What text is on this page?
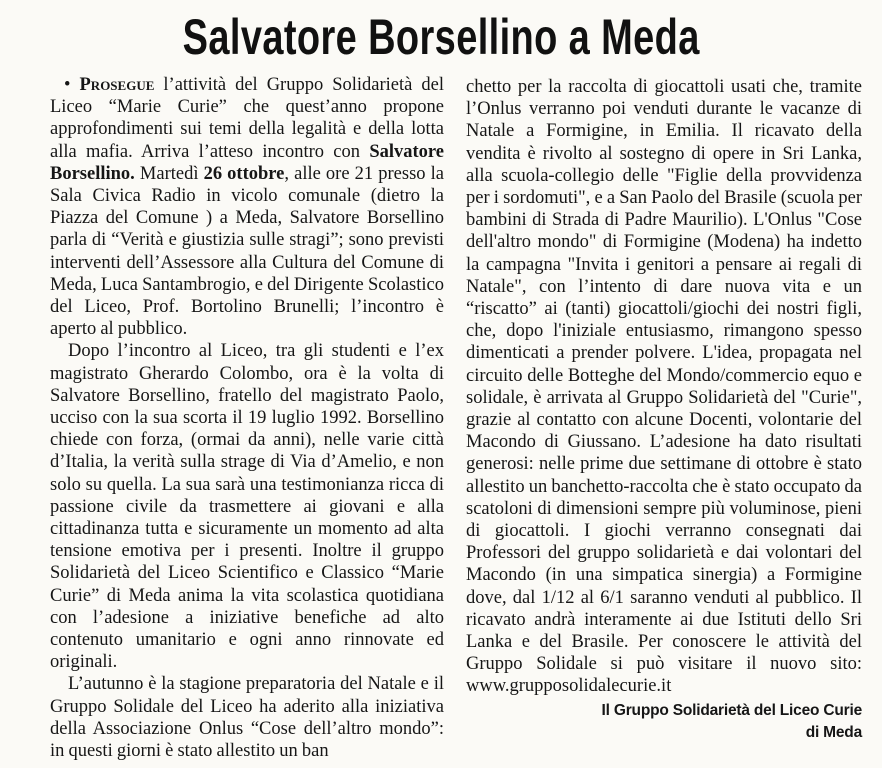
Salvatore Borsellino a Meda

• Prosegue l’attività del Gruppo Solidarietà del Liceo “Marie Curie” che quest’anno propone approfondimenti sui temi della legalità e della lotta alla mafia. Arriva l’atteso incontro con Salvatore Borsellino. Martedì 26 ottobre, alle ore 21 presso la Sala Civica Radio in vicolo comunale (dietro la Piazza del Comune ) a Meda, Salvatore Borsellino parla di “Verità e giustizia sulle stragi”; sono previsti interventi dell’Assessore alla Cultura del Comune di Meda, Luca Santambrogio, e del Dirigente Scolastico del Liceo, Prof. Bortolino Brunelli; l’incontro è aperto al pubblico.

Dopo l’incontro al Liceo, tra gli studenti e l’ex magistrato Gherardo Colombo, ora è la volta di Salvatore Borsellino, fratello del magistrato Paolo, ucciso con la sua scorta il 19 luglio 1992. Borsellino chiede con forza, (ormai da anni), nelle varie città d’Italia, la verità sulla strage di Via d’Amelio, e non solo su quella. La sua sarà una testimonianza ricca di passione civile da trasmettere ai giovani e alla cittadinanza tutta e sicuramente un momento ad alta tensione emotiva per i presenti. Inoltre il gruppo Solidarietà del Liceo Scientifico e Classico “Marie Curie” di Meda anima la vita scolastica quotidiana con l’adesione a iniziative benefiche ad alto contenuto umanitario e ogni anno rinnovate ed originali.

L’autunno è la stagione preparatoria del Natale e il Gruppo Solidale del Liceo ha aderito alla iniziativa della Associazione Onlus “Cose dell’altro mondo”: in questi giorni è stato allestito un ban

chetto per la raccolta di giocattoli usati che, tramite l’Onlus verranno poi venduti durante le vacanze di Natale a Formigine, in Emilia. Il ricavato della vendita è rivolto al sostegno di opere in Sri Lanka, alla scuola-collegio delle "Figlie della provvidenza per i sordomuti", e a San Paolo del Brasile (scuola per bambini di Strada di Padre Maurilio). L'Onlus "Cose dell'altro mondo" di Formigine (Modena) ha indetto la campagna "Invita i genitori a pensare ai regali di Natale", con l’intento di dare nuova vita e un “riscatto” ai (tanti) giocattoli/giochi dei nostri figli, che, dopo l'iniziale entusiasmo, rimangono spesso dimenticati a prender polvere. L'idea, propagata nel circuito delle Botteghe del Mondo/commercio equo e solidale, è arrivata al Gruppo Solidarietà del "Curie", grazie al contatto con alcune Docenti, volontarie del Macondo di Giussano. L’adesione ha dato risultati generosi: nelle prime due settimane di ottobre è stato allestito un banchetto-raccolta che è stato occupato da scatoloni di dimensioni sempre più voluminose, pieni di giocattoli. I giochi verranno consegnati dai Professori del gruppo solidarietà e dai volontari del Macondo (in una simpatica sinergia) a Formigine dove, dal 1/12 al 6/1 saranno venduti al pubblico. Il ricavato andrà interamente ai due Istituti dello Sri Lanka e del Brasile. Per conoscere le attività del Gruppo Solidale si può visitare il nuovo sito: www.grupposolidalecurie.it

Il Gruppo Solidarietà del Liceo Curie
di Meda
